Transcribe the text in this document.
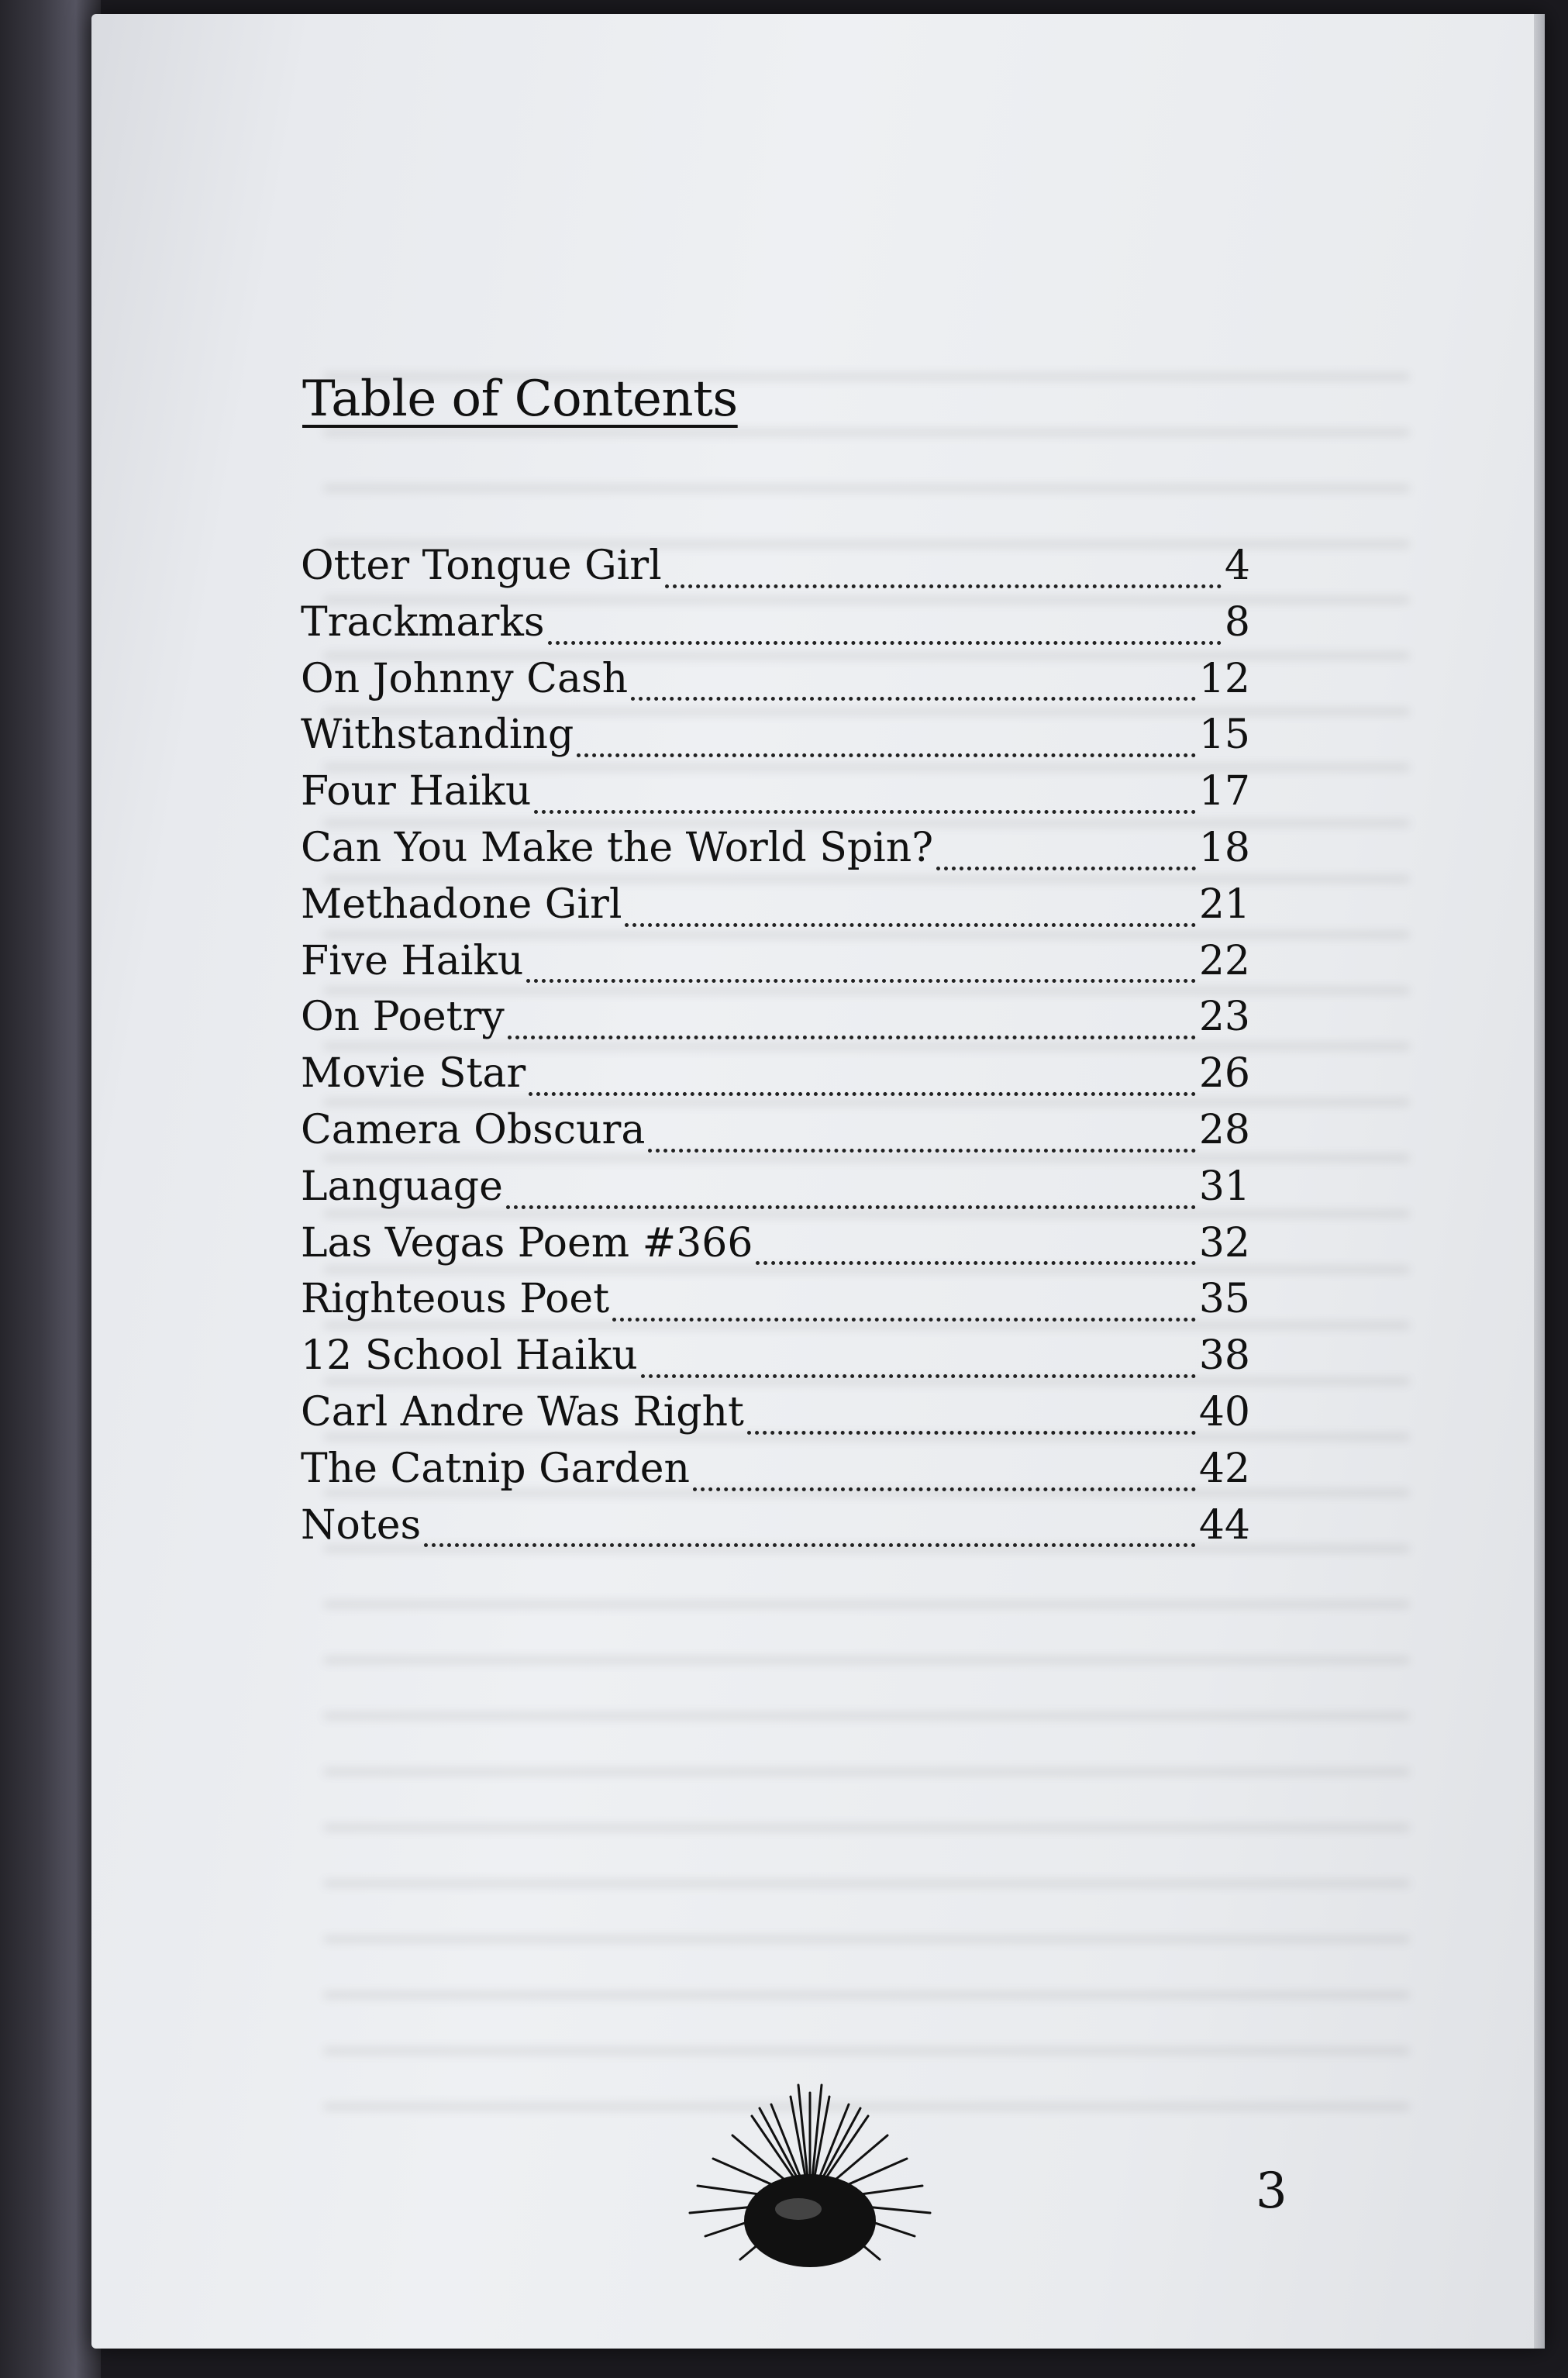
Table of Contents
Otter Tongue Girl	4
Trackmarks	8
On Johnny Cash	12
Withstanding	15
Four Haiku	17
Can You Make the World Spin?	18
Methadone Girl	21
Five Haiku	22
On Poetry	23
Movie Star	26
Camera Obscura	28
Language	31
Las Vegas Poem #366	32
Righteous Poet	35
12 School Haiku	38
Carl Andre Was Right	40
The Catnip Garden	42
Notes	44

3
